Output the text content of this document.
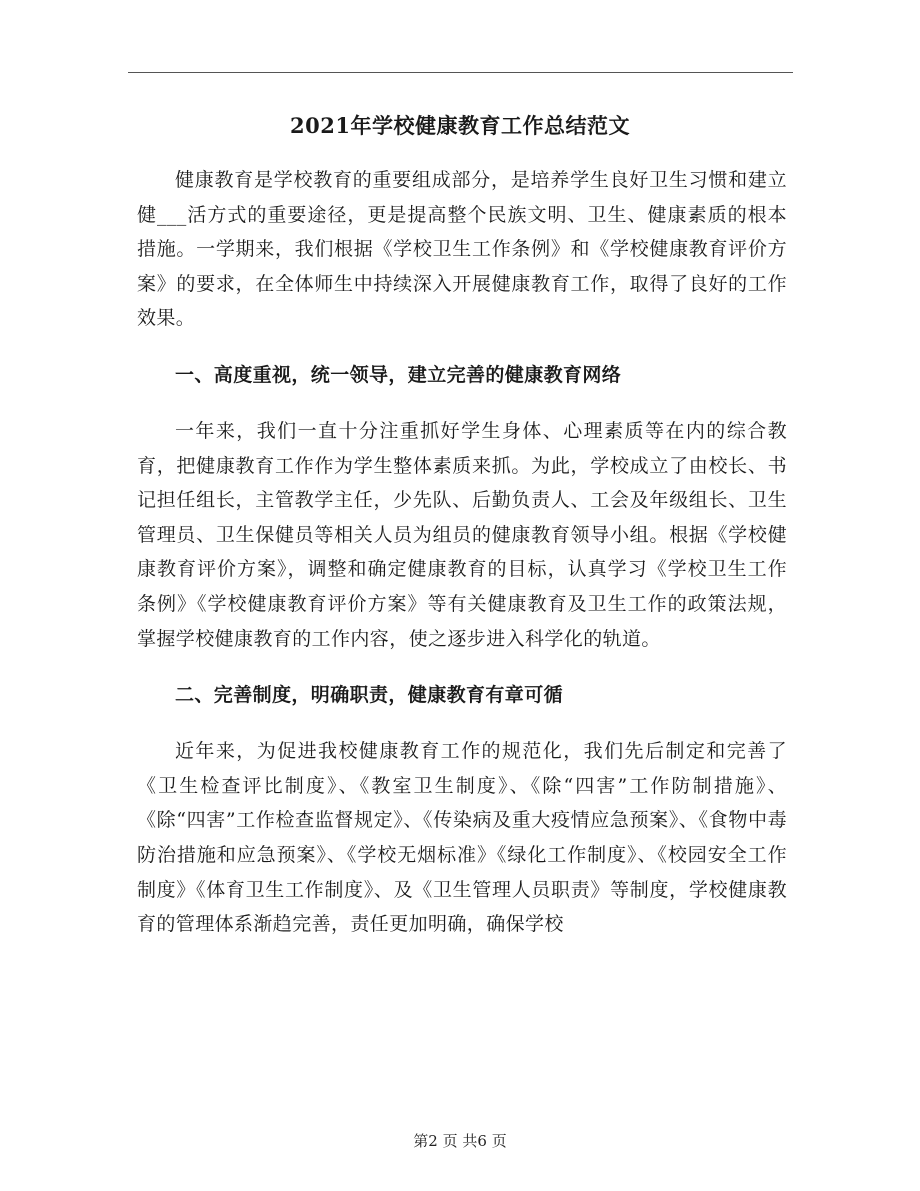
2021年学校健康教育工作总结范文

健康教育是学校教育的重要组成部分，是培养学生良好卫生习惯和建立健___活方式的重要途径，更是提高整个民族文明、卫生、健康素质的根本措施。一学期来，我们根据《学校卫生工作条例》和《学校健康教育评价方案》的要求，在全体师生中持续深入开展健康教育工作，取得了良好的工作效果。

一、高度重视，统一领导，建立完善的健康教育网络

一年来，我们一直十分注重抓好学生身体、心理素质等在内的综合教育，把健康教育工作作为学生整体素质来抓。为此，学校成立了由校长、书记担任组长，主管教学主任，少先队、后勤负责人、工会及年级组长、卫生管理员、卫生保健员等相关人员为组员的健康教育领导小组。根据《学校健康教育评价方案》，调整和确定健康教育的目标，认真学习《学校卫生工作条例》《学校健康教育评价方案》等有关健康教育及卫生工作的政策法规，掌握学校健康教育的工作内容，使之逐步进入科学化的轨道。

二、完善制度，明确职责，健康教育有章可循

近年来，为促进我校健康教育工作的规范化，我们先后制定和完善了《卫生检查评比制度》、《教室卫生制度》、《除“四害”工作防制措施》、《除“四害”工作检查监督规定》、《传染病及重大疫情应急预案》、《食物中毒防治措施和应急预案》、《学校无烟标准》《绿化工作制度》、《校园安全工作制度》《体育卫生工作制度》、及《卫生管理人员职责》等制度，学校健康教育的管理体系渐趋完善，责任更加明确，确保学校

第2 页 共6 页
